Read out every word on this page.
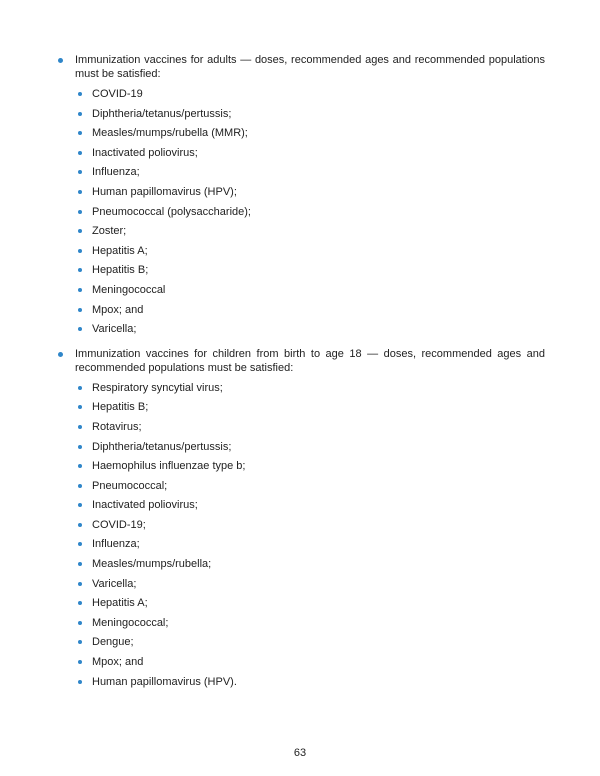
Immunization vaccines for adults — doses, recommended ages and recommended populations must be satisfied:
COVID-19
Diphtheria/tetanus/pertussis;
Measles/mumps/rubella (MMR);
Inactivated poliovirus;
Influenza;
Human papillomavirus (HPV);
Pneumococcal (polysaccharide);
Zoster;
Hepatitis A;
Hepatitis B;
Meningococcal
Mpox; and
Varicella;
Immunization vaccines for children from birth to age 18 — doses, recommended ages and recommended populations must be satisfied:
Respiratory syncytial virus;
Hepatitis B;
Rotavirus;
Diphtheria/tetanus/pertussis;
Haemophilus influenzae type b;
Pneumococcal;
Inactivated poliovirus;
COVID-19;
Influenza;
Measles/mumps/rubella;
Varicella;
Hepatitis A;
Meningococcal;
Dengue;
Mpox; and
Human papillomavirus (HPV).
63
